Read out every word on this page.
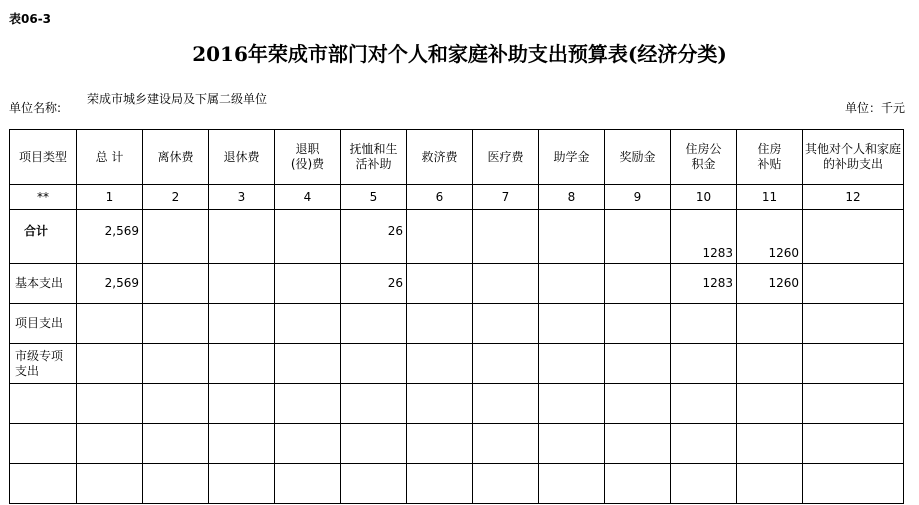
表06-3
2016年荣成市部门对个人和家庭补助支出预算表(经济分类)
单位名称:
荣成市城乡建设局及下属二级单位
单位：千元
项目类型	总 计	离休费	退休费	退职(役)费	抚恤和生活补助	救济费	医疗费	助学金	奖励金	住房公积金	住房补贴	其他对个人和家庭的补助支出

**	1	2	3	4	5	6	7	8	9	10	11	12
合计	2,569				26					1283	1260	
基本支出	2,569				26					1283	1260	
项目支出												

市级专项支出												
